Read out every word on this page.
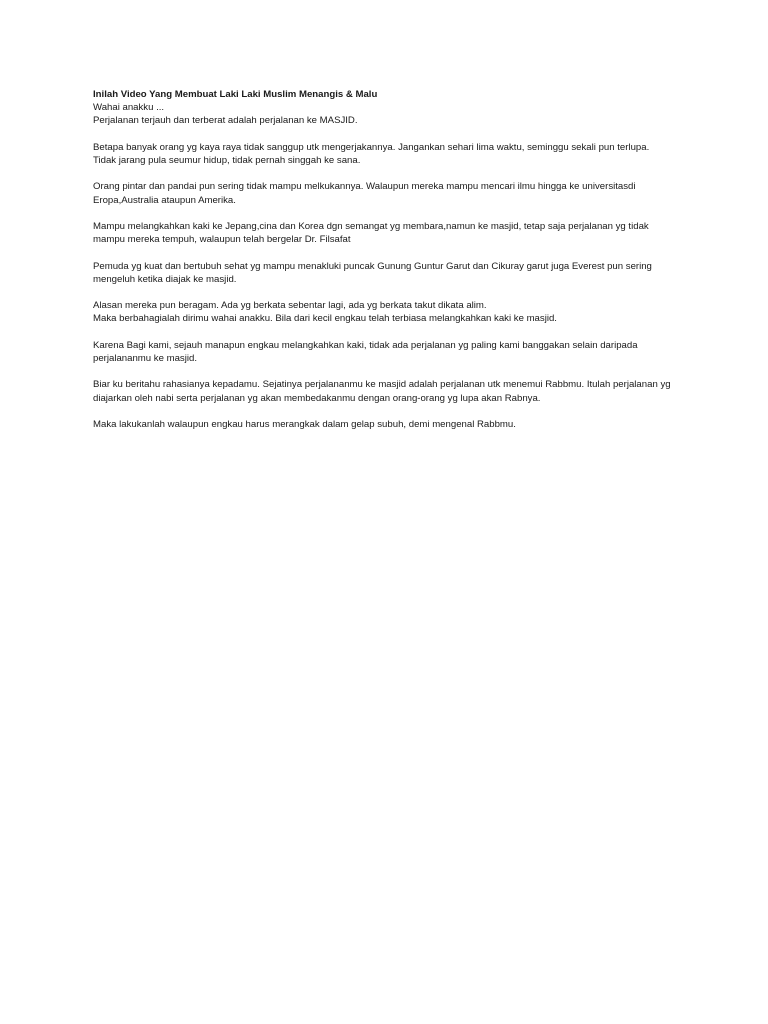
Inilah Video Yang Membuat Laki Laki Muslim Menangis & Malu

Wahai anakku ...

Perjalanan terjauh dan terberat adalah perjalanan ke MASJID.

Betapa banyak orang yg kaya raya tidak sanggup utk mengerjakannya. Jangankan sehari lima waktu, seminggu sekali pun terlupa.

Tidak jarang pula seumur hidup, tidak pernah singgah ke sana.

Orang pintar dan pandai pun sering tidak mampu melkukannya. Walaupun mereka mampu mencari ilmu hingga ke universitasdi

Eropa,Australia ataupun Amerika.

Mampu melangkahkan kaki ke Jepang,cina dan Korea dgn semangat yg membara,namun ke masjid, tetap saja perjalanan yg tidak

mampu mereka tempuh, walaupun telah bergelar Dr. Filsafat

Pemuda yg kuat dan bertubuh sehat yg mampu menakluki puncak Gunung Guntur Garut dan Cikuray garut juga Everest pun sering

mengeluh ketika diajak ke masjid.

Alasan mereka pun beragam. Ada yg berkata sebentar lagi, ada yg berkata takut dikata alim.

Maka berbahagialah dirimu wahai anakku. Bila dari kecil engkau telah terbiasa melangkahkan kaki ke masjid.

Karena Bagi kami, sejauh manapun engkau melangkahkan kaki, tidak ada perjalanan yg paling kami banggakan selain daripada

perjalananmu ke masjid.

Biar ku beritahu rahasianya kepadamu. Sejatinya perjalananmu ke masjid adalah perjalanan utk menemui Rabbmu. Itulah perjalanan yg

diajarkan oleh nabi serta perjalanan yg akan membedakanmu dengan orang-orang yg lupa akan Rabnya.

Maka lakukanlah walaupun engkau harus merangkak dalam gelap subuh, demi mengenal Rabbmu.
